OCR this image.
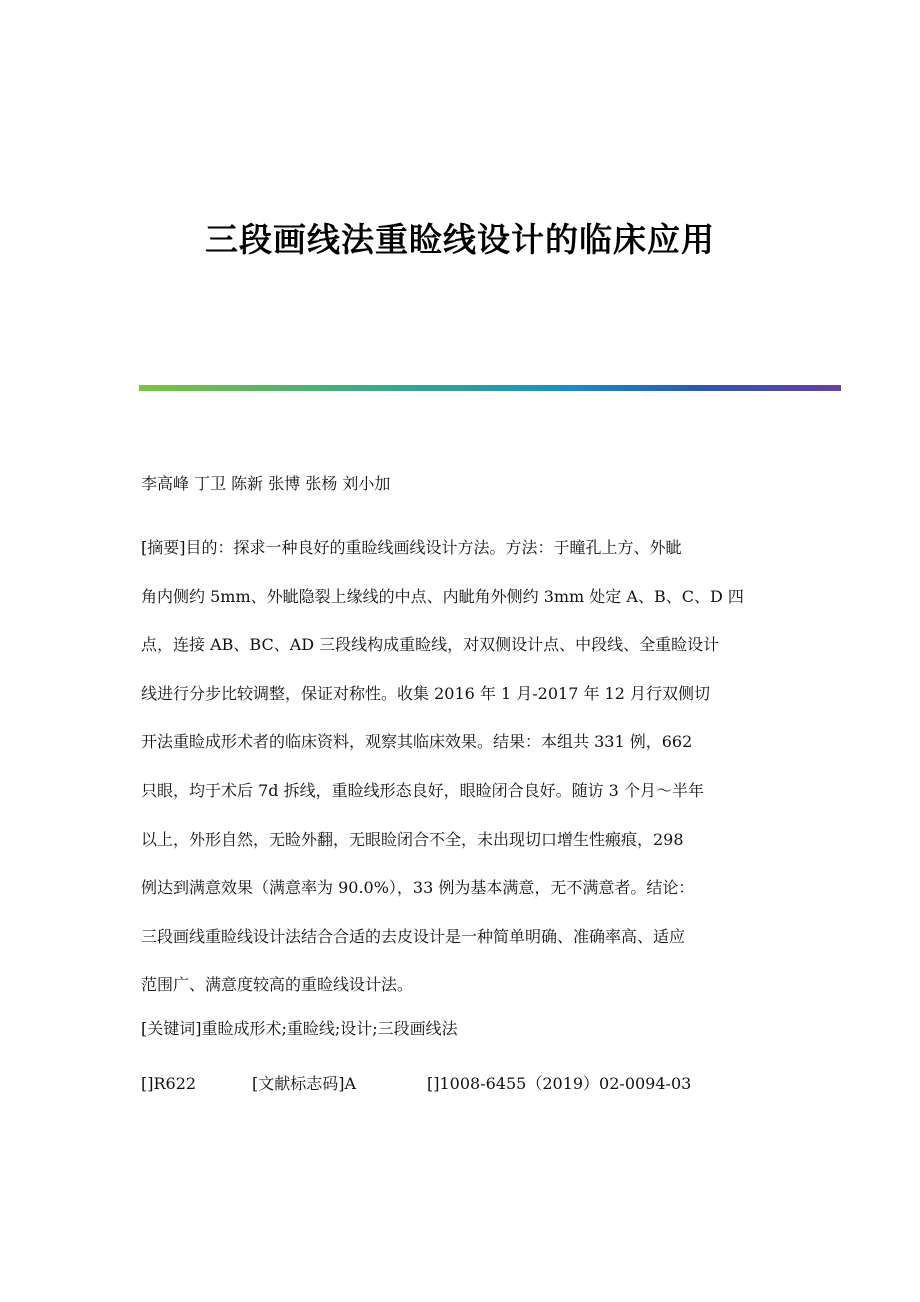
三段画线法重睑线设计的临床应用
李高峰 丁卫 陈新 张博 张杨 刘小加
[摘要]目的：探求一种良好的重睑线画线设计方法。方法：于瞳孔上方、外眦
角内侧约 5mm、外眦隐裂上缘线的中点、内眦角外侧约 3mm 处定 A、B、C、D 四
点，连接 AB、BC、AD 三段线构成重睑线，对双侧设计点、中段线、全重睑设计
线进行分步比较调整，保证对称性。收集 2016 年 1 月-2017 年 12 月行双侧切
开法重睑成形术者的临床资料，观察其临床效果。结果：本组共 331 例，662
只眼，均于术后 7d 拆线，重睑线形态良好，眼睑闭合良好。随访 3 个月～半年
以上，外形自然，无睑外翻，无眼睑闭合不全，未出现切口增生性瘢痕，298
例达到满意效果（满意率为 90.0%），33 例为基本满意，无不满意者。结论：
三段画线重睑线设计法结合合适的去皮设计是一种简单明确、准确率高、适应
范围广、满意度较高的重睑线设计法。
[关键词]重睑成形术;重睑线;设计;三段画线法
[]R622	[文献标志码]A	[]1008-6455（2019）02-0094-03
